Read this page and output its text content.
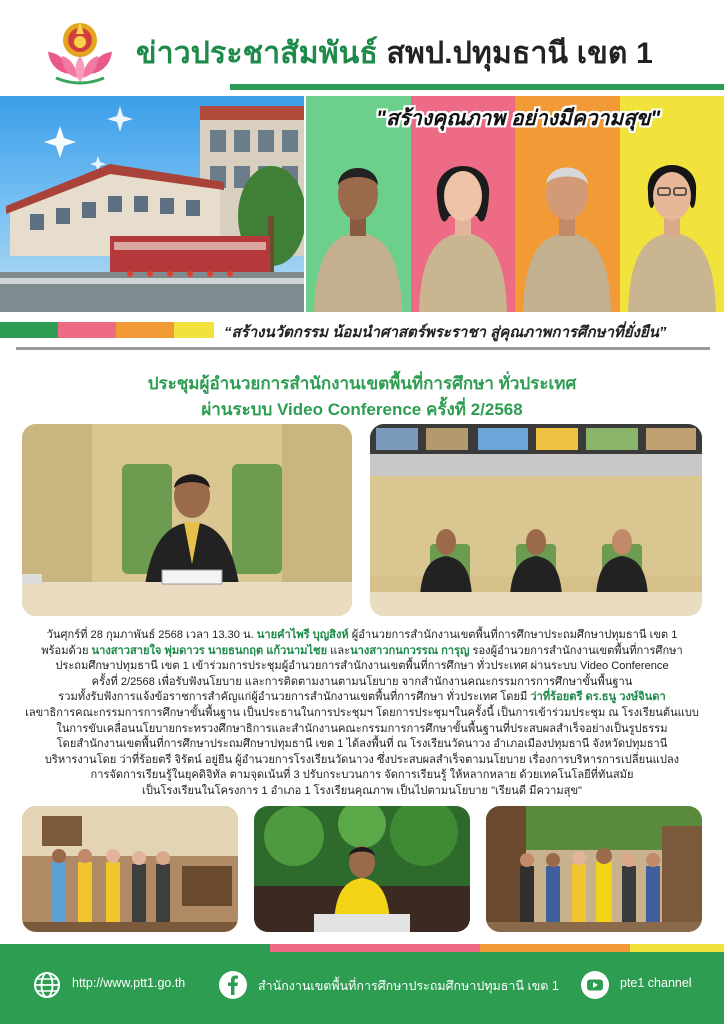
ข่าวประชาสัมพันธ์ สพป.ปทุมธานี เขต 1
"สร้างคุณภาพ อย่างมีความสุข"
“สร้างนวัตกรรม น้อมนำศาสตร์พระราชา สู่คุณภาพการศึกษาที่ยั่งยืน”
ประชุมผู้อำนวยการสำนักงานเขตพื้นที่การศึกษา ทั่วประเทศ
ผ่านระบบ Video Conference ครั้งที่ 2/2568
วันศุกร์ที่ 28 กุมภาพันธ์ 2568 เวลา 13.30 น. นายคำไพรี บุญสิงห์ ผู้อำนวยการสำนักงานเขตพื้นที่การศึกษาประถมศึกษาปทุมธานี เขต 1
พร้อมด้วย นางสาวสายใจ พุ่มดาวร นายธนกฤต แก้วนามไชย และนางสาวกนกวรรณ การุญ รองผู้อำนวยการสำนักงานเขตพื้นที่การศึกษา
ประถมศึกษาปทุมธานี เขต 1 เข้าร่วมการประชุมผู้อำนวยการสำนักงานเขตพื้นที่การศึกษา ทั่วประเทศ ผ่านระบบ Video Conference
ครั้งที่ 2/2568 เพื่อรับฟังนโยบาย และการติดตามงานตามนโยบาย จากสำนักงานคณะกรรมการการศึกษาขั้นพื้นฐาน
รวมทั้งรับฟังการแจ้งข้อราชการสำคัญแก่ผู้อำนวยการสำนักงานเขตพื้นที่การศึกษา ทั่วประเทศ โดยมี ว่าที่ร้อยตรี ดร.ธนู วงษ์จินดา
เลขาธิการคณะกรรมการการศึกษาขั้นพื้นฐาน เป็นประธานในการประชุมฯ โดยการประชุมฯในครั้งนี้ เป็นการเข้าร่วมประชุม ณ โรงเรียนต้นแบบ
ในการขับเคลื่อนนโยบายกระทรวงศึกษาธิการและสำนักงานคณะกรรมการการศึกษาขั้นพื้นฐานที่ประสบผลสำเร็จอย่างเป็นรูปธรรม
โดยสำนักงานเขตพื้นที่การศึกษาประถมศึกษาปทุมธานี เขต 1 ได้ลงพื้นที่ ณ โรงเรียนวัดนาวง อำเภอเมืองปทุมธานี จังหวัดปทุมธานี
บริหารงานโดย ว่าที่ร้อยตรี จิรัตน์ อยู่ยืน ผู้อำนวยการโรงเรียนวัดนาวง ซึ่งประสบผลสำเร็จตามนโยบาย เรื่องการบริหารการเปลี่ยนแปลง
การจัดการเรียนรู้ในยุคดิจิทัล ตามจุดเน้นที่ 3 ปรับกระบวนการ จัดการเรียนรู้ ให้หลากหลาย ด้วยเทคโนโลยีที่ทันสมัย
เป็นโรงเรียนในโครงการ 1 อำเภอ 1 โรงเรียนคุณภาพ เป็นไปตามนโยบาย "เรียนดี มีความสุข"
http://www.ptt1.go.th	สำนักงานเขตพื้นที่การศึกษาประถมศึกษาปทุมธานี เขต 1	pte1 channel
